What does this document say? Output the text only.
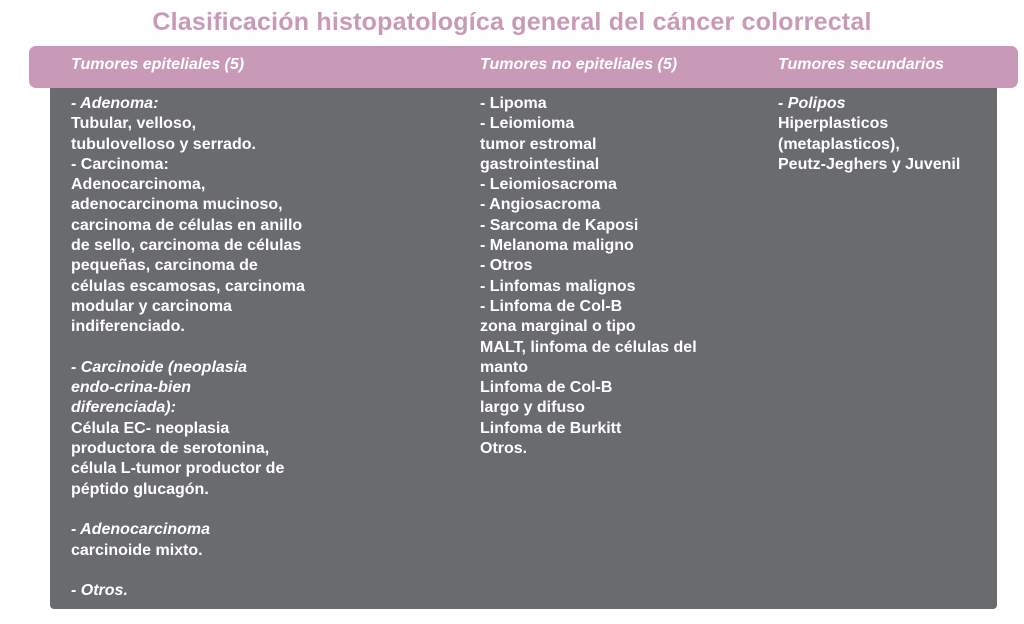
Clasificación histopatologíca general del cáncer colorrectal
Tumores epiteliales (5)	Tumores no epiteliales (5)	Tumores secundarios

- Adenoma:

Tubular, velloso,

tubulovelloso y serrado.

- Carcinoma:

Adenocarcinoma,

adenocarcinoma mucinoso,

carcinoma de células en anillo

de sello, carcinoma de células

pequeñas, carcinoma de

células escamosas, carcinoma

modular y carcinoma

indiferenciado.

- Carcinoide (neoplasia

endo-crina-bien

diferenciada):

Célula EC- neoplasia

productora de serotonina,

célula L-tumor productor de

péptido glucagón.

- Adenocarcinoma

carcinoide mixto.

- Otros.

- Lipoma

- Leiomioma

tumor estromal

gastrointestinal

- Leiomiosacroma

- Angiosacroma

- Sarcoma de Kaposi

- Melanoma maligno

- Otros

- Linfomas malignos

- Linfoma de Col-B

zona marginal o tipo

MALT, linfoma de células del

manto

Linfoma de Col-B

largo y difuso

Linfoma de Burkitt

Otros.

- Polipos

Hiperplasticos

(metaplasticos),

Peutz-Jeghers y Juvenil
